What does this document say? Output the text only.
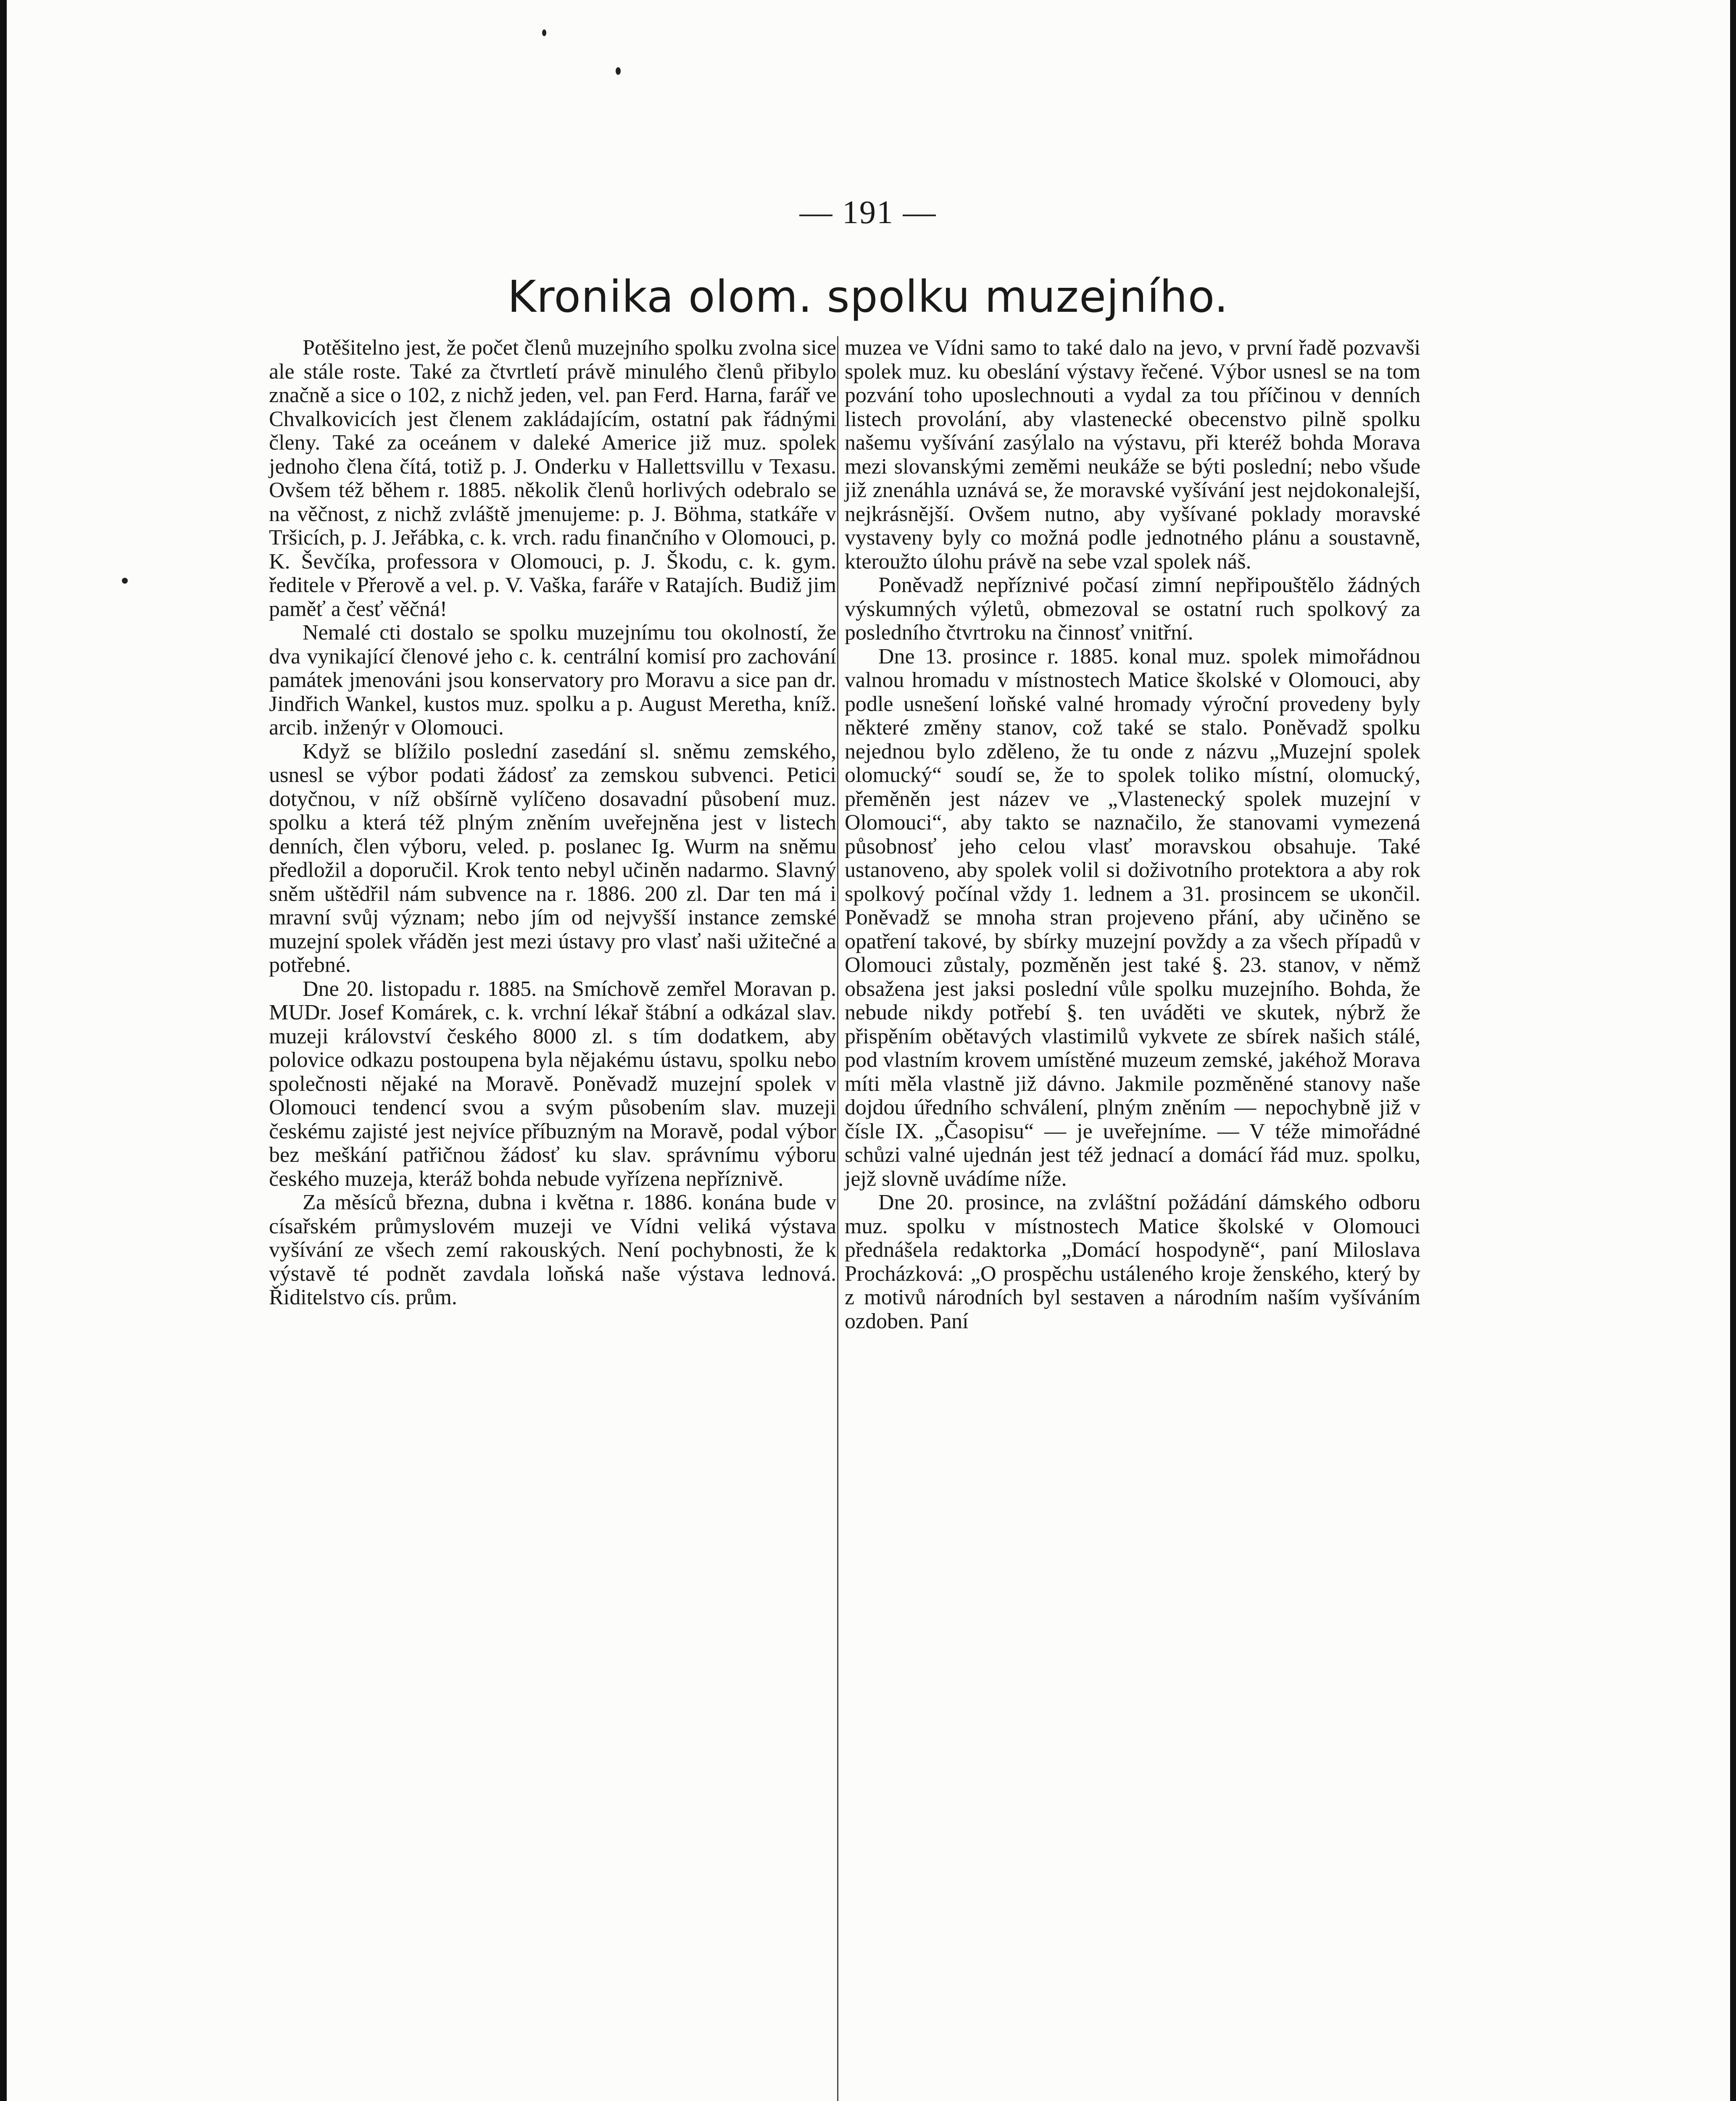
— 191 —
Kronika olom. spolku muzejního.

Potěšitelno jest, že počet členů muzejního spolku zvolna sice ale stále roste. Také za čtvrtletí právě minulého členů přibylo značně a sice o 102, z nichž jeden, vel. pan Ferd. Harna, farář ve Chvalkovicích jest členem zakládajícím, ostatní pak řádnými členy. Také za oceánem v daleké Americe již muz. spolek jednoho člena čítá, totiž p. J. Onderku v Hallettsvillu v Texasu. Ovšem též během r. 1885. několik členů horlivých odebralo se na věčnost, z nichž zvláště jmenujeme: p. J. Böhma, statkáře v Tršicích, p. J. Jeřábka, c. k. vrch. radu finančního v Olomouci, p. K. Ševčíka, professora v Olomouci, p. J. Škodu, c. k. gym. ředitele v Přerově a vel. p. V. Vaška, faráře v Ratajích. Budiž jim paměť a česť věčná!

Nemalé cti dostalo se spolku muzejnímu tou okolností, že dva vynikající členové jeho c. k. centrální komisí pro zachování památek jmenováni jsou konservatory pro Moravu a sice pan dr. Jindřich Wankel, kustos muz. spolku a p. August Meretha, kníž. arcib. inženýr v Olomouci.

Když se blížilo poslední zasedání sl. sněmu zemského, usnesl se výbor podati žádosť za zemskou subvenci. Petici dotyčnou, v níž obšírně vylíčeno dosavadní působení muz. spolku a která též plným zněním uveřejněna jest v listech denních, člen výboru, veled. p. poslanec Ig. Wurm na sněmu předložil a doporučil. Krok tento nebyl učiněn nadarmo. Slavný sněm uštědřil nám subvence na r. 1886. 200 zl. Dar ten má i mravní svůj význam; nebo jím od nejvyšší instance zemské muzejní spolek vřáděn jest mezi ústavy pro vlasť naši užitečné a potřebné.

Dne 20. listopadu r. 1885. na Smíchově zemřel Moravan p. MUDr. Josef Komárek, c. k. vrchní lékař štábní a odkázal slav. muzeji království českého 8000 zl. s tím dodatkem, aby polovice odkazu postoupena byla nějakému ústavu, spolku nebo společnosti nějaké na Moravě. Poněvadž muzejní spolek v Olomouci tendencí svou a svým působením slav. muzeji českému zajisté jest nejvíce příbuzným na Moravě, podal výbor bez meškání patřičnou žádosť ku slav. správnímu výboru českého muzeja, kteráž bohda nebude vyřízena nepříznivě.

Za měsíců března, dubna i května r. 1886. konána bude v císařském průmyslovém muzeji ve Vídni veliká výstava vyšívání ze všech zemí rakouských. Není pochybnosti, že k výstavě té podnět zavdala loňská naše výstava lednová. Řiditelstvo cís. prům.

muzea ve Vídni samo to také dalo na jevo, v první řadě pozvavši spolek muz. ku obeslání výstavy řečené. Výbor usnesl se na tom pozvání toho uposlechnouti a vydal za tou příčinou v denních listech provolání, aby vlastenecké obecenstvo pilně spolku našemu vyšívání zasýlalo na výstavu, při kteréž bohda Morava mezi slovanskými zeměmi neukáže se býti poslední; nebo všude již znenáhla uznává se, že moravské vyšívání jest nejdokonalejší, nejkrásnější. Ovšem nutno, aby vyšívané poklady moravské vystaveny byly co možná podle jednotného plánu a soustavně, kteroužto úlohu právě na sebe vzal spolek náš.

Poněvadž nepříznivé počasí zimní nepřipouštělo žádných výskumných výletů, obmezoval se ostatní ruch spolkový za posledního čtvrtroku na činnosť vnitřní.

Dne 13. prosince r. 1885. konal muz. spolek mimořádnou valnou hromadu v místnostech Matice školské v Olomouci, aby podle usnešení loňské valné hromady výroční provedeny byly některé změny stanov, což také se stalo. Poněvadž spolku nejednou bylo zděleno, že tu onde z názvu „Muzejní spolek olomucký“ soudí se, že to spolek toliko místní, olomucký, přeměněn jest název ve „Vlastenecký spolek muzejní v Olomouci“, aby takto se naznačilo, že stanovami vymezená působnosť jeho celou vlasť moravskou obsahuje. Také ustanoveno, aby spolek volil si doživotního protektora a aby rok spolkový počínal vždy 1. lednem a 31. prosincem se ukončil. Poněvadž se mnoha stran projeveno přání, aby učiněno se opatření takové, by sbírky muzejní povždy a za všech případů v Olomouci zůstaly, pozměněn jest také §. 23. stanov, v němž obsažena jest jaksi poslední vůle spolku muzejního. Bohda, že nebude nikdy potřebí §. ten uváděti ve skutek, nýbrž že přispěním obětavých vlastimilů vykvete ze sbírek našich stálé, pod vlastním krovem umístěné muzeum zemské, jakéhož Morava míti měla vlastně již dávno. Jakmile pozměněné stanovy naše dojdou úředního schválení, plným zněním — nepochybně již v čísle IX. „Časopisu“ — je uveřejníme. — V téže mimořádné schůzi valné ujednán jest též jednací a domácí řád muz. spolku, jejž slovně uvádíme níže.

Dne 20. prosince, na zvláštní požádání dámského odboru muz. spolku v místnostech Matice školské v Olomouci přednášela redaktorka „Domácí hospodyně“, paní Miloslava Procházková: „O prospěchu ustáleného kroje ženského, který by z motivů národních byl sestaven a národním naším vyšíváním ozdoben. Paní
